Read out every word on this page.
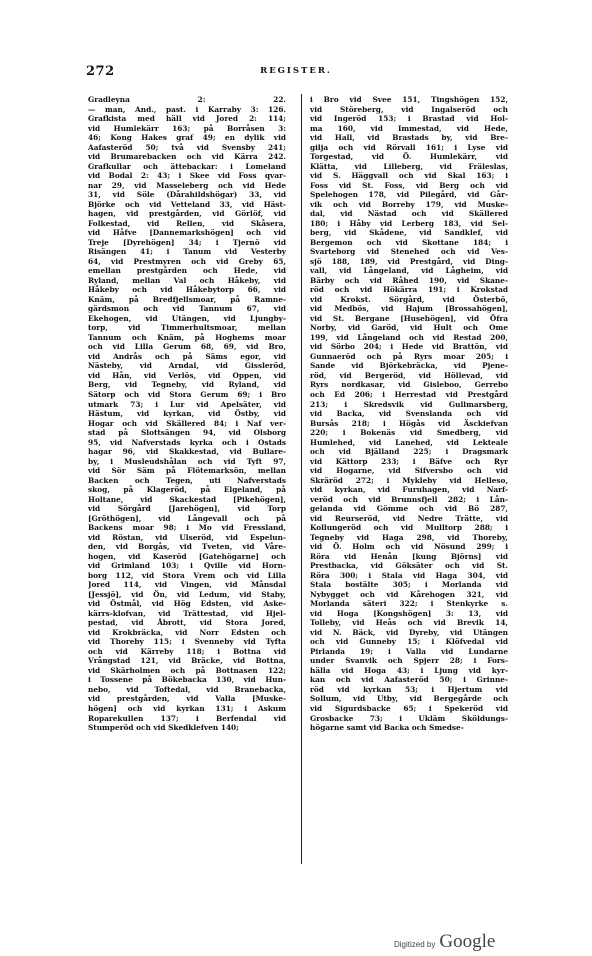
272	REGISTER.
Gradleyna 2: 22.
— man, And., past. i Karraby 3: 126.
Grafkista med häll vid Jored 2: 114;
vid Humlekärr 163; på Borråsen 3:
46; Kong Hakes graf 49; en dylik vid
Aafasteröd 50; två vid Svensby 241;
vid Brumarebacken och vid Kärra 242.
Grafkullar och ättebackar: i Lomeland
vid Bodal 2: 43; i Skee vid Foss qvar-
nar 29, vid Masseleberg och vid Hede
31, vid Söle (Dårahildshögar) 33, vid
Björke och vid Vetteland 33, vid Häst-
hagen, vid prestgården, vid Görlöf, vid
Folkestad, vid Rellen, vid Skåsera,
vid Håfve [Dannemarkshögen] och vid
Treje [Dyrehögen] 34; i Tjernö vid
Risängen 41; i Tanum vid Vesterby
64, vid Prestmyren och vid Greby 65,
emellan prestgården och Hede, vid
Ryland, mellan Val och Håkeby, vid
Håkeby och vid Håkebytorp 66, vid
Knäm, på Bredfjellsmoar, på Ramne-
gärdsmon och vid Tannum 67, vid
Ekehogen, vid Utängen, vid Ljungby-
torp, vid Timmerhultsmoar, mellan
Tannum och Knäm, på Hoghems moar
och vid Lilla Gerum 68, 69, vid Bro,
vid Andrås och på Säms egor, vid
Nästeby, vid Arndal, vid Gissleröd,
vid Hån, vid Verlös, vid Oppen, vid
Berg, vid Tegneby, vid Ryland, vid
Sätorp och vid Stora Gerum 69; i Bro
utmark 73; i Lur vid Apelsäter, vid
Hästum, vid kyrkan, vid Östby, vid
Hogar och vid Skällered 84; i Naf ver-
stad på Slottsängen 94, vid Olsborg
95, vid Nafverstads kyrka och i Ostads
hagar 96, vid Skakkestad, vid Bullare-
by, i Musleudshålan och vid Tyft 97,
vid Sör Säm på Flötemarksön, mellan
Backen och Tegen, uti Nafverstads
skog, på Klageröd, på Elgeland, på
Holtane, vid Skackestad [Pikehögen],
vid Sörgård [Jarehögen], vid Torp
[Gröthögen], vid Långevall och på
Backens moar 98; i Mo vid Fressland,
vid Röstan, vid Ulseröd, vid Espelun-
den, vid Borgås, vid Tveten, vid Våre-
hogen, vid Kaseröd [Gatehögarne] och
vid Grimland 103; i Qville vid Horn-
borg 112, vid Stora Vrem och vid Lilla
Jored 114, vid Vingen, vid Månsdal
[Jessjö], vid Ön, vid Ledum, vid Staby,
vid Östmål, vid Hög Edsten, vid Aske-
kärrs-klofvan, vid Trättestad, vid Hjel-
pestad, vid Åbrott, vid Stora Jored,
vid Krokbräcka, vid Norr Edsten och
vid Thoreby 115; i Svenneby vid Tyfta
och vid Kärreby 118; i Bottna vid
Vrångstad 121, vid Bräcke, vid Bottna,
vid Skärholmen och på Bottnasen 122;
i Tossene på Bökebacka 130, vid Hun-
nebo, vid Toftedal, vid Branebacka,
vid prestgården, vid Valla [Muske-
högen] och vid kyrkan 131; i Askum
Roparekullen 137; i Berfendal vid
Stumperöd och vid Skedklefven 140;
i Bro vid Svee 151, Tingshögen 152,
vid Störeberg, vid Ingalseröd och
vid Ingeröd 153; i Brastad vid Hol-
ma 160, vid Immestad, vid Hede,
vid Hall, vid Brastads by, vid Bre-
gilja och vid Rörvall 161; i Lyse vid
Torgestad, vid Ö. Humlekärr, vid
Klätta, vid Lilleberg, vid Fräleslas,
vid S. Häggvall och vid Skal 163; i
Foss vid St. Foss, vid Berg och vid
Spelehogen 178, vid Pilegård, vid Går-
vik och vid Borreby 179, vid Muske-
dal, vid Nästad och vid Skällered
180; i Håby vid Lerberg 183, vid Sel-
berg, vid Skådene, vid Sandklef, vid
Bergemon och vid Skottane 184; i
Svarteborg vid Stenehed och vid Ves-
sjö 188, 189, vid Prestgård, vid Ding-
vall, vid Långeland, vid Lågheim, vid
Bärby och vid Råhed 190, vid Skane-
röd och vid Hökärra 191; i Krokstad
vid Krokst. Sörgård, vid Österbö,
vid Medbös, vid Hajum [Brossahögen],
vid St. Bergane [Husehögen], vid Öfra
Norby, vid Garöd, vid Hult och Ome
199, vid Långeland och vid Restad 200,
vid Sörbo 204; i Hede vid Brattön, vid
Gunnaeröd och på Ryrs moar 205; i
Sande vid Björkebräcka, vid Pjene-
röd, vid Bergeröd, vid Höllevad, vid
Ryrs nordkasar, vid Gisleboo, Gerrebo
och Ed 206; i Herrestad vid Prestgård
213; i Skredsvik vid Gullmarsberg,
vid Backa, vid Svenslanda och vid
Bursås 218; i Högås vid Äsckiefvan
220; i Bokenäs vid Smedberg, vid
Humlehed, vid Lanehed, vid Lekteale
och vid Bjälland 225; i Dragsmark
vid Kättorp 233; i Bäfve och Ryr
vid Hogarne, vid Sifversbo och vid
Skräröd 272; i Mykleby vid Helleso,
vid kyrkan, vid Furuhagen, vid Narf-
veröd och vid Brunnsfjell 282; i Lån-
gelanda vid Gömme och vid Bö 287,
vid Reurseröd, vid Nedre Trätte, vid
Kollungeröd och vid Mulltorp 288; i
Tegneby vid Haga 298, vid Thoreby,
vid Ö. Holm och vid Nösund 299; i
Röra vid Henån [kung Björns] vid
Prestbacka, vid Göksäter och vid St.
Röra 300; i Stala vid Haga 304, vid
Stala bostälte 305; i Morlanda vid
Nybygget och vid Kårehogen 321, vid
Morlanda säteri 322; i Stenkyrke s.
vid Hoga [Kongshögen] 3: 13, vid
Tolleby, vid Heås och vid Brevik 14,
vid N. Bäck, vid Dyreby, vid Utängen
och vid Gunneby 15; i Klöfvedal vid
Pirlanda 19; i Valla vid Lundarne
under Svanvik och Spjerr 28; i Fors-
hälla vid Hoga 43; i Ljung vid kyr-
kan och vid Aafasteröd 50; i Grinne-
röd vid kyrkan 53; i Hjertum vid
Sollum, vid Utby, vid Bergegårde och
vid Sigurdsbacke 65; i Spekeröd vid
Grosbacke 73; i Ukläm Sköldungs-
högarne samt vid Backa och Smedse-
Digitized by Google
